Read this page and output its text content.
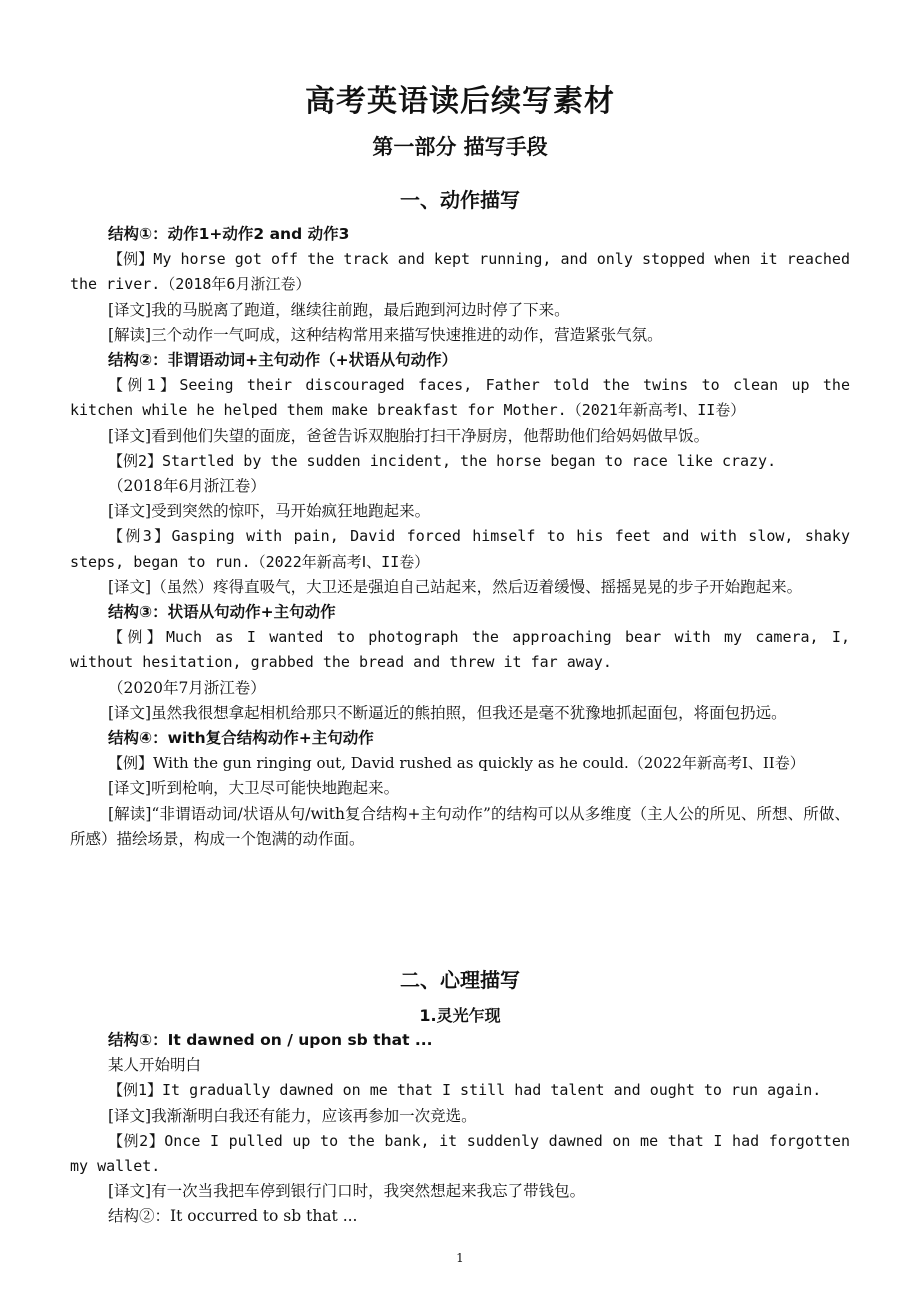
高考英语读后续写素材
第一部分 描写手段
一、动作描写

结构①：动作1+动作2 and 动作3

【例】My horse got off the track and kept running, and only stopped when it reached the river.（2018年6月浙江卷）

[译文]我的马脱离了跑道，继续往前跑，最后跑到河边时停了下来。

[解读]三个动作一气呵成，这种结构常用来描写快速推进的动作，营造紧张气氛。

结构②：非谓语动词+主句动作（+状语从句动作）

【例1】Seeing their discouraged faces, Father told the twins to clean up the kitchen while he helped them make breakfast for Mother.（2021年新高考Ⅰ、II卷）

[译文]看到他们失望的面庞，爸爸告诉双胞胎打扫干净厨房，他帮助他们给妈妈做早饭。

【例2】Startled by the sudden incident, the horse began to race like crazy.

（2018年6月浙江卷）

[译文]受到突然的惊吓，马开始疯狂地跑起来。

【例3】Gasping with pain, David forced himself to his feet and with slow, shaky steps, began to run.（2022年新高考Ⅰ、II卷）

[译文]（虽然）疼得直吸气，大卫还是强迫自己站起来，然后迈着缓慢、摇摇晃晃的步子开始跑起来。

结构③：状语从句动作+主句动作

【例】Much as I wanted to photograph the approaching bear with my camera, I, without hesitation, grabbed the bread and threw it far away.

（2020年7月浙江卷）

[译文]虽然我很想拿起相机给那只不断逼近的熊拍照，但我还是毫不犹豫地抓起面包，将面包扔远。

结构④：with复合结构动作+主句动作

【例】With the gun ringing out, David rushed as quickly as he could.（2022年新高考Ⅰ、II卷）

[译文]听到枪响，大卫尽可能快地跑起来。

[解读]“非谓语动词/状语从句/with复合结构+主句动作”的结构可以从多维度（主人公的所见、所想、所做、所感）描绘场景，构成一个饱满的动作面。

二、心理描写
1.灵光乍现

结构①：It dawned on / upon sb that ...

某人开始明白

【例1】It gradually dawned on me that I still had talent and ought to run again.

[译文]我渐渐明白我还有能力，应该再参加一次竞选。

【例2】Once I pulled up to the bank, it suddenly dawned on me that I had forgotten my wallet.

[译文]有一次当我把车停到银行门口时，我突然想起来我忘了带钱包。

结构②：It occurred to sb that ...

1
